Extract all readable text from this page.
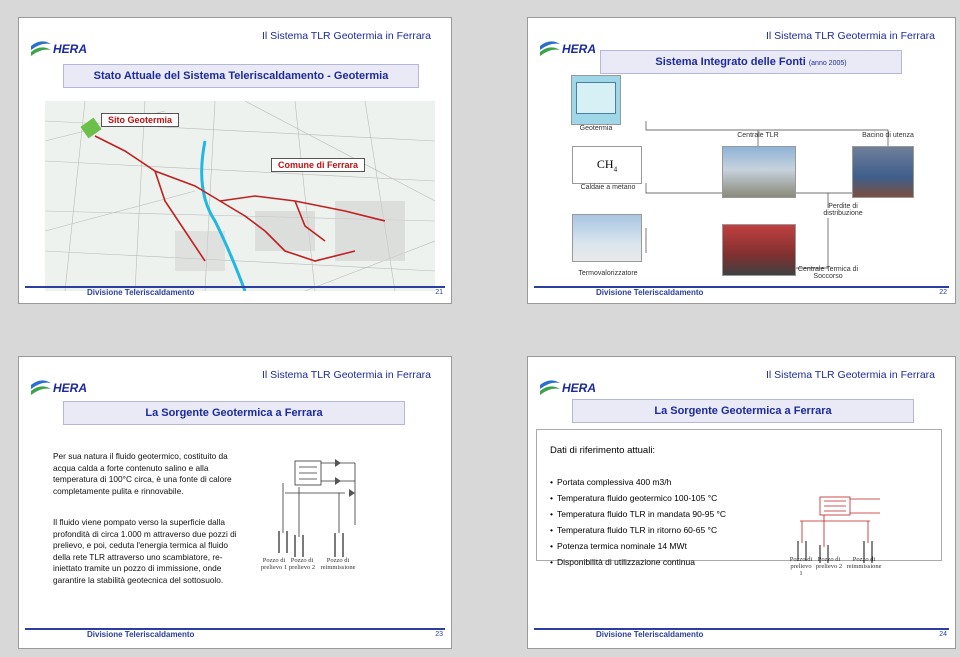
HERA
Il Sistema TLR Geotermia in Ferrara
Stato Attuale del Sistema Teleriscaldamento - Geotermia
Sito Geotermia
Comune di Ferrara
Divisione Teleriscaldamento	21
HERA
Il Sistema TLR Geotermia in Ferrara
Sistema Integrato delle Fonti (anno 2005)
Geotermia
Centrale TLR	Bacino di utenza
$CH_4$
Caldaie a metano
Perdite di distribuzione
Termovalorizzatore
Centrale Termica di Soccorso
Divisione Teleriscaldamento	22
HERA
Il Sistema TLR Geotermia in Ferrara
La Sorgente Geotermica a Ferrara
Per sua natura il fluido geotermico, costituito da acqua calda a forte contenuto salino e alla temperatura di 100°C circa, è una fonte di calore completamente pulita e rinnovabile.
Il fluido viene pompato verso la superficie dalla profondità di circa 1.000 m attraverso due pozzi di prelievo, e poi, ceduta l'energia termica al fluido della rete TLR attraverso uno scambiatore, re-iniettato tramite un pozzo di immissione, onde garantire la stabilità geotecnica del sottosuolo.
Pozzo di prelievo 1
Pozzo di prelievo 2
Pozzo di reimmissione
Divisione Teleriscaldamento	23
HERA
Il Sistema TLR Geotermia in Ferrara
La Sorgente Geotermica a Ferrara
Dati di riferimento attuali:
• Portata complessiva 400 m3/h
• Temperatura fluido geotermico 100-105 °C
• Temperatura fluido TLR in mandata 90-95 °C
• Temperatura fluido TLR in ritorno 60-65 °C
• Potenza termica nominale 14 MWt
• Disponibilità di utilizzazione continua	Pozzo di prelievo 1
Pozzo di prelievo 2
Pozzo di reimmissione
Divisione Teleriscaldamento	24
